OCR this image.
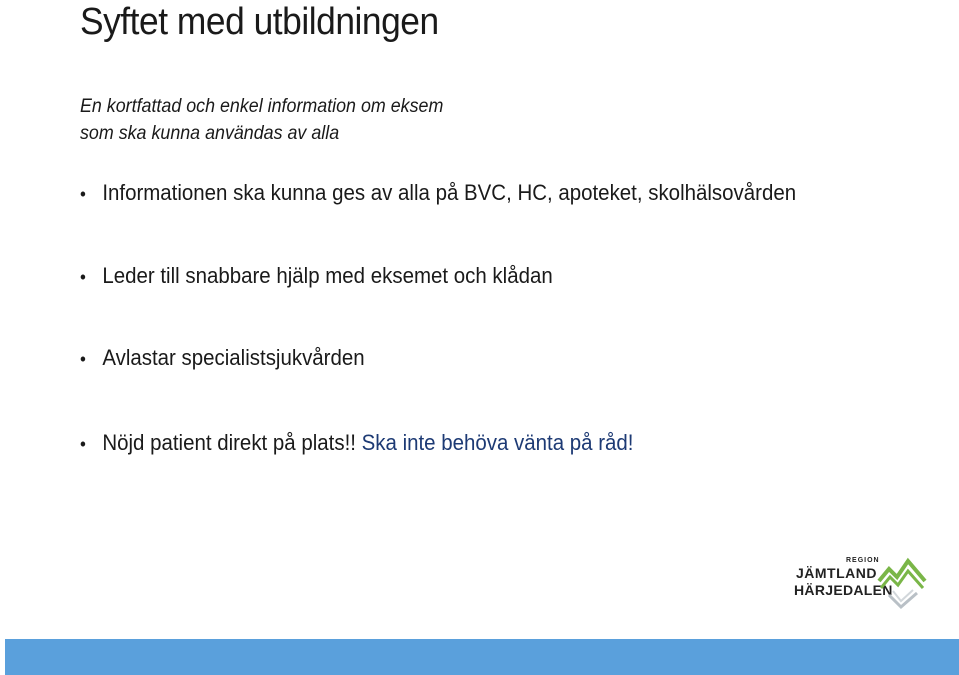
Syftet med utbildningen
En kortfattad och enkel information om eksem
som ska kunna användas av alla
• Informationen ska kunna ges av alla på BVC, HC, apoteket, skolhälsovården
• Leder till snabbare hjälp med eksemet och klådan
• Avlastar specialistsjukvården
• Nöjd patient direkt på plats!! Ska inte behöva vänta på råd!
REGION
JÄMTLAND
HÄRJEDALEN
